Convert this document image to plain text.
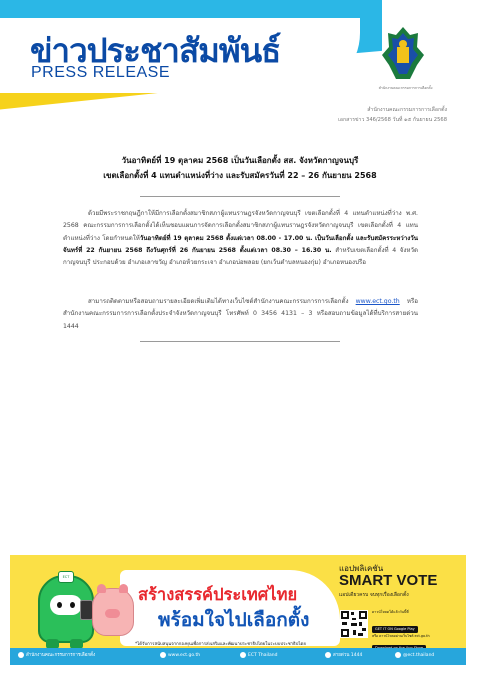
ข่าวประชาสัมพันธ์
PRESS RELEASE
สำนักงานคณะกรรมการการเลือกตั้ง
สำนักงานคณะกรรมการการเลือกตั้ง
เอกสารข่าว 346/2568 วันที่ ๑๕ กันยายน 2568
วันอาทิตย์ที่ 19 ตุลาคม 2568 เป็นวันเลือกตั้ง สส. จังหวัดกาญจนบุรี
เขตเลือกตั้งที่ 4 แทนตำแหน่งที่ว่าง และรับสมัครวันที่ 22 – 26 กันยายน 2568
ด้วยมีพระราชกฤษฎีกาให้มีการเลือกตั้งสมาชิกสภาผู้แทนราษฎรจังหวัดกาญจนบุรี เขตเลือกตั้งที่ 4 แทนตำแหน่งที่ว่าง พ.ศ. 2568 คณะกรรมการการเลือกตั้งได้เห็นชอบแผนการจัดการเลือกตั้งสมาชิกสภาผู้แทนราษฎรจังหวัดกาญจนบุรี เขตเลือกตั้งที่ 4 แทนตำแหน่งที่ว่าง โดยกำหนดให้วันอาทิตย์ที่ 19 ตุลาคม 2568 ตั้งแต่เวลา 08.00 - 17.00 น. เป็นวันเลือกตั้ง และรับสมัครระหว่างวันจันทร์ที่ 22 กันยายน 2568 ถึงวันศุกร์ที่ 26 กันยายน 2568 ตั้งแต่เวลา 08.30 – 16.30 น. สำหรับเขตเลือกตั้งที่ 4 จังหวัดกาญจนบุรี ประกอบด้วย อำเภอเลาขวัญ อำเภอห้วยกระเจา อำเภอบ่อพลอย (ยกเว้นตำบลหนองกุ่ม) อำเภอหนองปรือ
สามารถติดตามหรือสอบถามรายละเอียดเพิ่มเติมได้ทางเว็บไซต์สำนักงานคณะกรรมการการเลือกตั้ง www.ect.go.th หรือสำนักงานคณะกรรมการการเลือกตั้งประจำจังหวัดกาญจนบุรี โทรศัพท์ 0 3456 4131 – 3 หรือสอบถามข้อมูลได้ที่บริการสายด่วน 1444
สร้างสรรค์ประเทศไทย
พร้อมใจไปเลือกตั้ง
*ได้รับการสนับสนุนจากกองทุนเพื่อการส่งเสริมและพัฒนาประชาธิปไตยในระบบประชาธิปไตย
ECT
แอปพลิเคชัน
SMART VOTE
แอปเดียวครบ จบทุกเรื่องเลือกตั้ง
ดาวน์โหลดได้แล้ววันนี้ที่
GET IT ON Google Play

หรือ ดาวน์โหลดผ่านเว็บไซต์ ect.go.th
สำนักงานคณะกรรมการการเลือกตั้ง	www.ect.go.th	ECT Thailand	สายด่วน 1444	@ect.thailand
